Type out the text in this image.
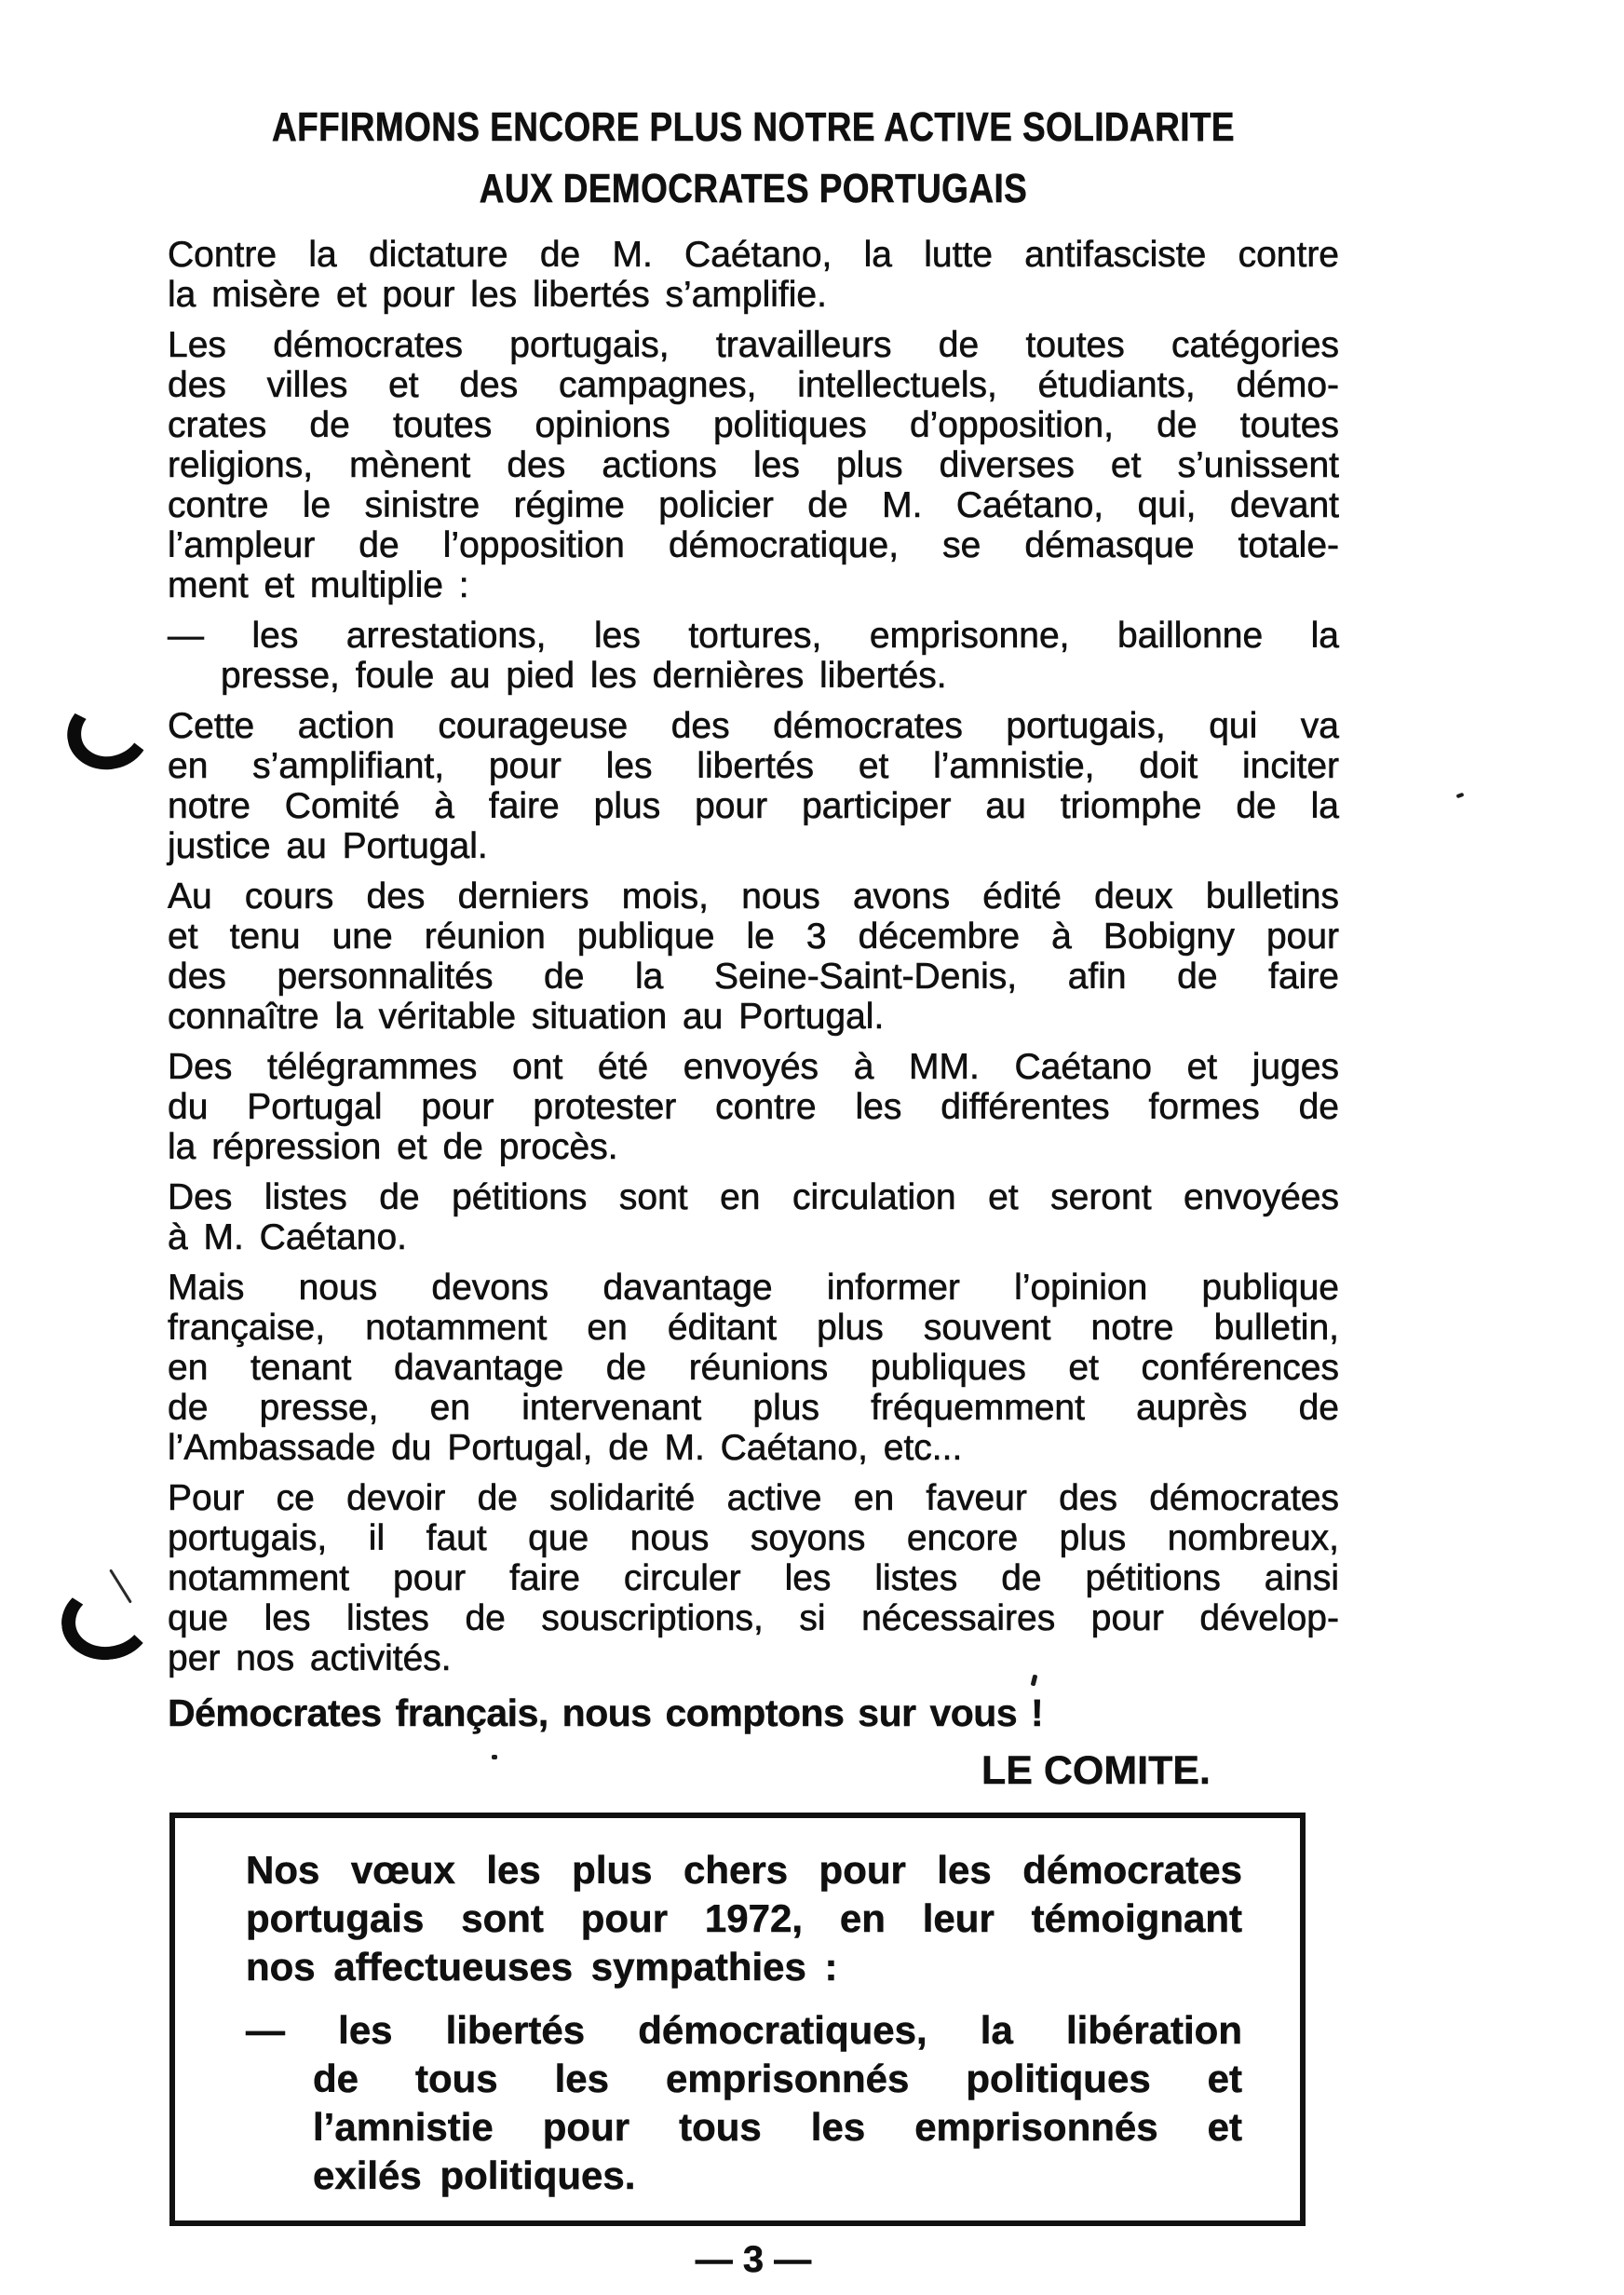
AFFIRMONS ENCORE PLUS NOTRE ACTIVE SOLIDARITE
AUX DEMOCRATES PORTUGAIS
Contre la dictature de M. Caétano, la lutte antifasciste contre
la misère et pour les libertés s’amplifie.
Les démocrates portugais, travailleurs de toutes catégories
des villes et des campagnes, intellectuels, étudiants, démo-
crates de toutes opinions politiques d’opposition, de toutes
religions, mènent des actions les plus diverses et s’unissent
contre le sinistre régime policier de M. Caétano, qui, devant
l’ampleur de l’opposition démocratique, se démasque totale-
ment et multiplie :
— les arrestations, les tortures, emprisonne, baillonne la
presse, foule au pied les dernières libertés.
Cette action courageuse des démocrates portugais, qui va
en s’amplifiant, pour les libertés et l’amnistie, doit inciter
notre Comité à faire plus pour participer au triomphe de la
justice au Portugal.
Au cours des derniers mois, nous avons édité deux bulletins
et tenu une réunion publique le 3 décembre à Bobigny pour
des personnalités de la Seine-Saint-Denis, afin de faire
connaître la véritable situation au Portugal.
Des télégrammes ont été envoyés à MM. Caétano et juges
du Portugal pour protester contre les différentes formes de
la répression et de procès.
Des listes de pétitions sont en circulation et seront envoyées
à M. Caétano.
Mais nous devons davantage informer l’opinion publique
française, notamment en éditant plus souvent notre bulletin,
en tenant davantage de réunions publiques et conférences
de presse, en intervenant plus fréquemment auprès de
l’Ambassade du Portugal, de M. Caétano, etc...
Pour ce devoir de solidarité active en faveur des démocrates
portugais, il faut que nous soyons encore plus nombreux,
notamment pour faire circuler les listes de pétitions ainsi
que les listes de souscriptions, si nécessaires pour dévelop-
per nos activités.
Démocrates français, nous comptons sur vous !
LE COMITE.
Nos vœux les plus chers pour les démocrates
portugais sont pour 1972, en leur témoignant
nos affectueuses sympathies :
— les libertés démocratiques, la libération
de tous les emprisonnés politiques et
l’amnistie pour tous les emprisonnés et
exilés politiques.
— 3 —
